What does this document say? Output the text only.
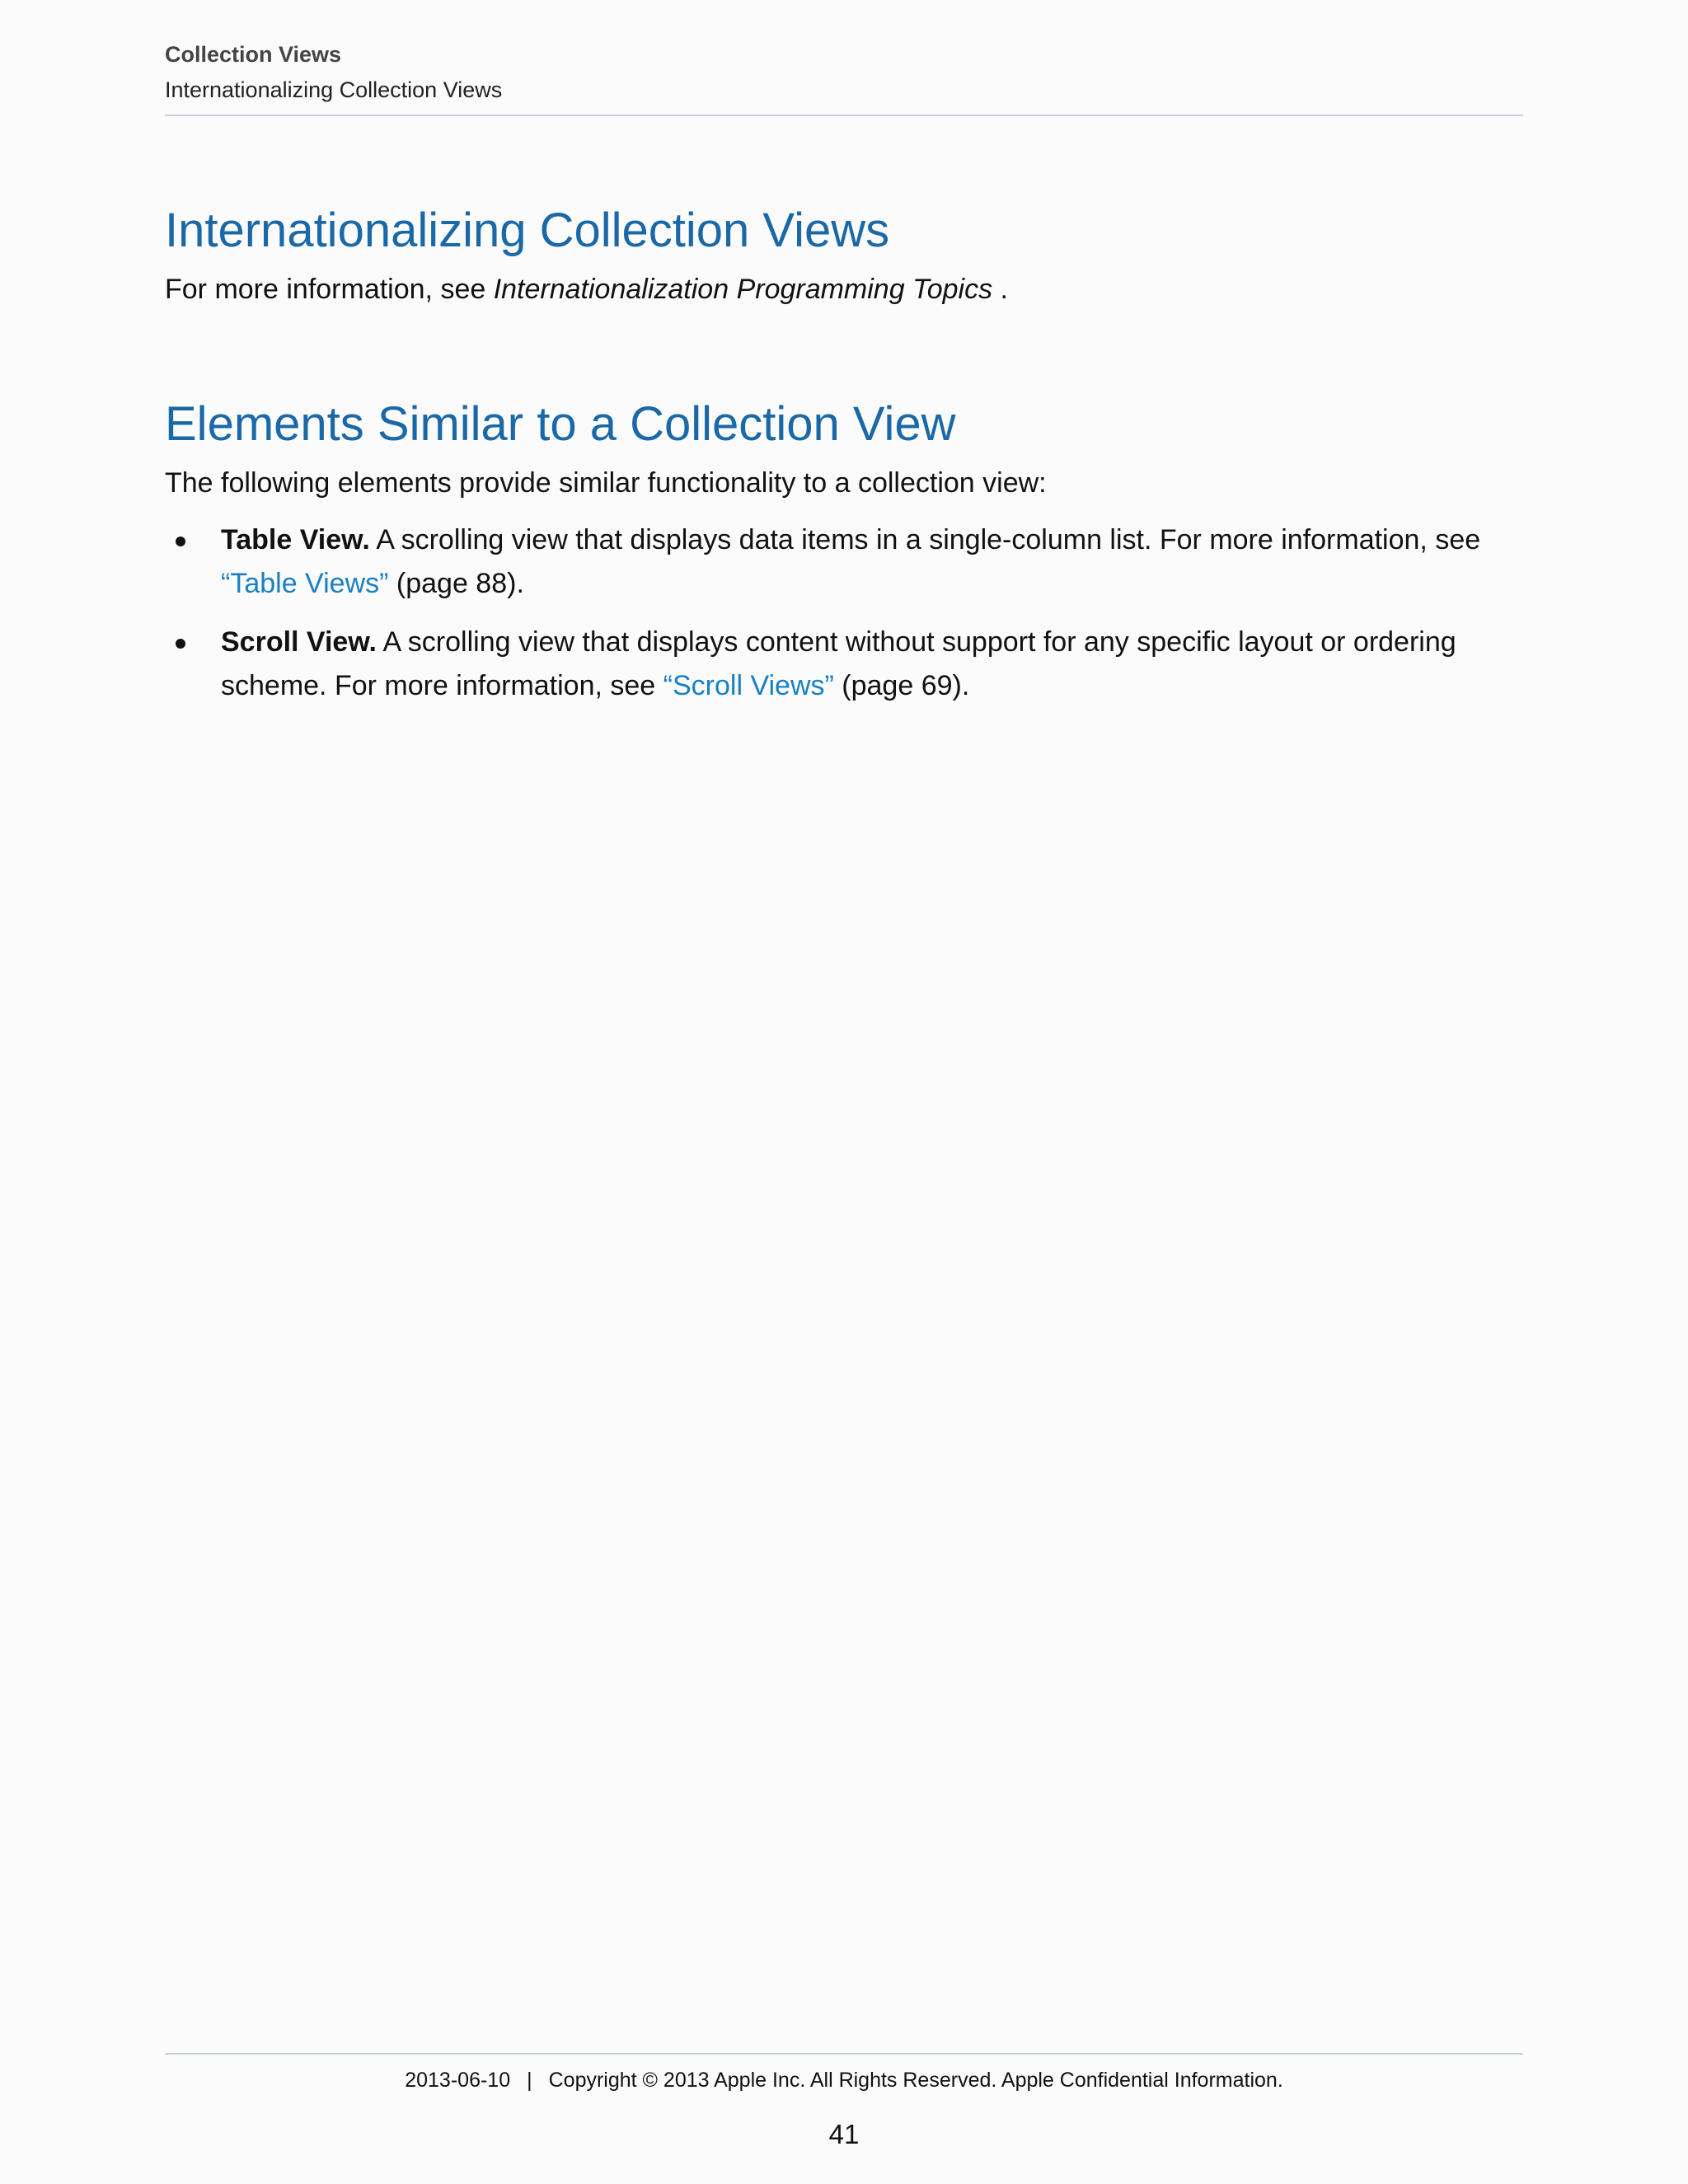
Collection Views
Internationalizing Collection Views
Internationalizing Collection Views

For more information, see Internationalization Programming Topics .

Elements Similar to a Collection View

The following elements provide similar functionality to a collection view:

Table View. A scrolling view that displays data items in a single-column list. For more information, see “Table Views” (page 88).
Scroll View. A scrolling view that displays content without support for any specific layout or ordering scheme. For more information, see “Scroll Views” (page 69).
2013-06-10 | Copyright © 2013 Apple Inc. All Rights Reserved. Apple Confidential Information.
41
